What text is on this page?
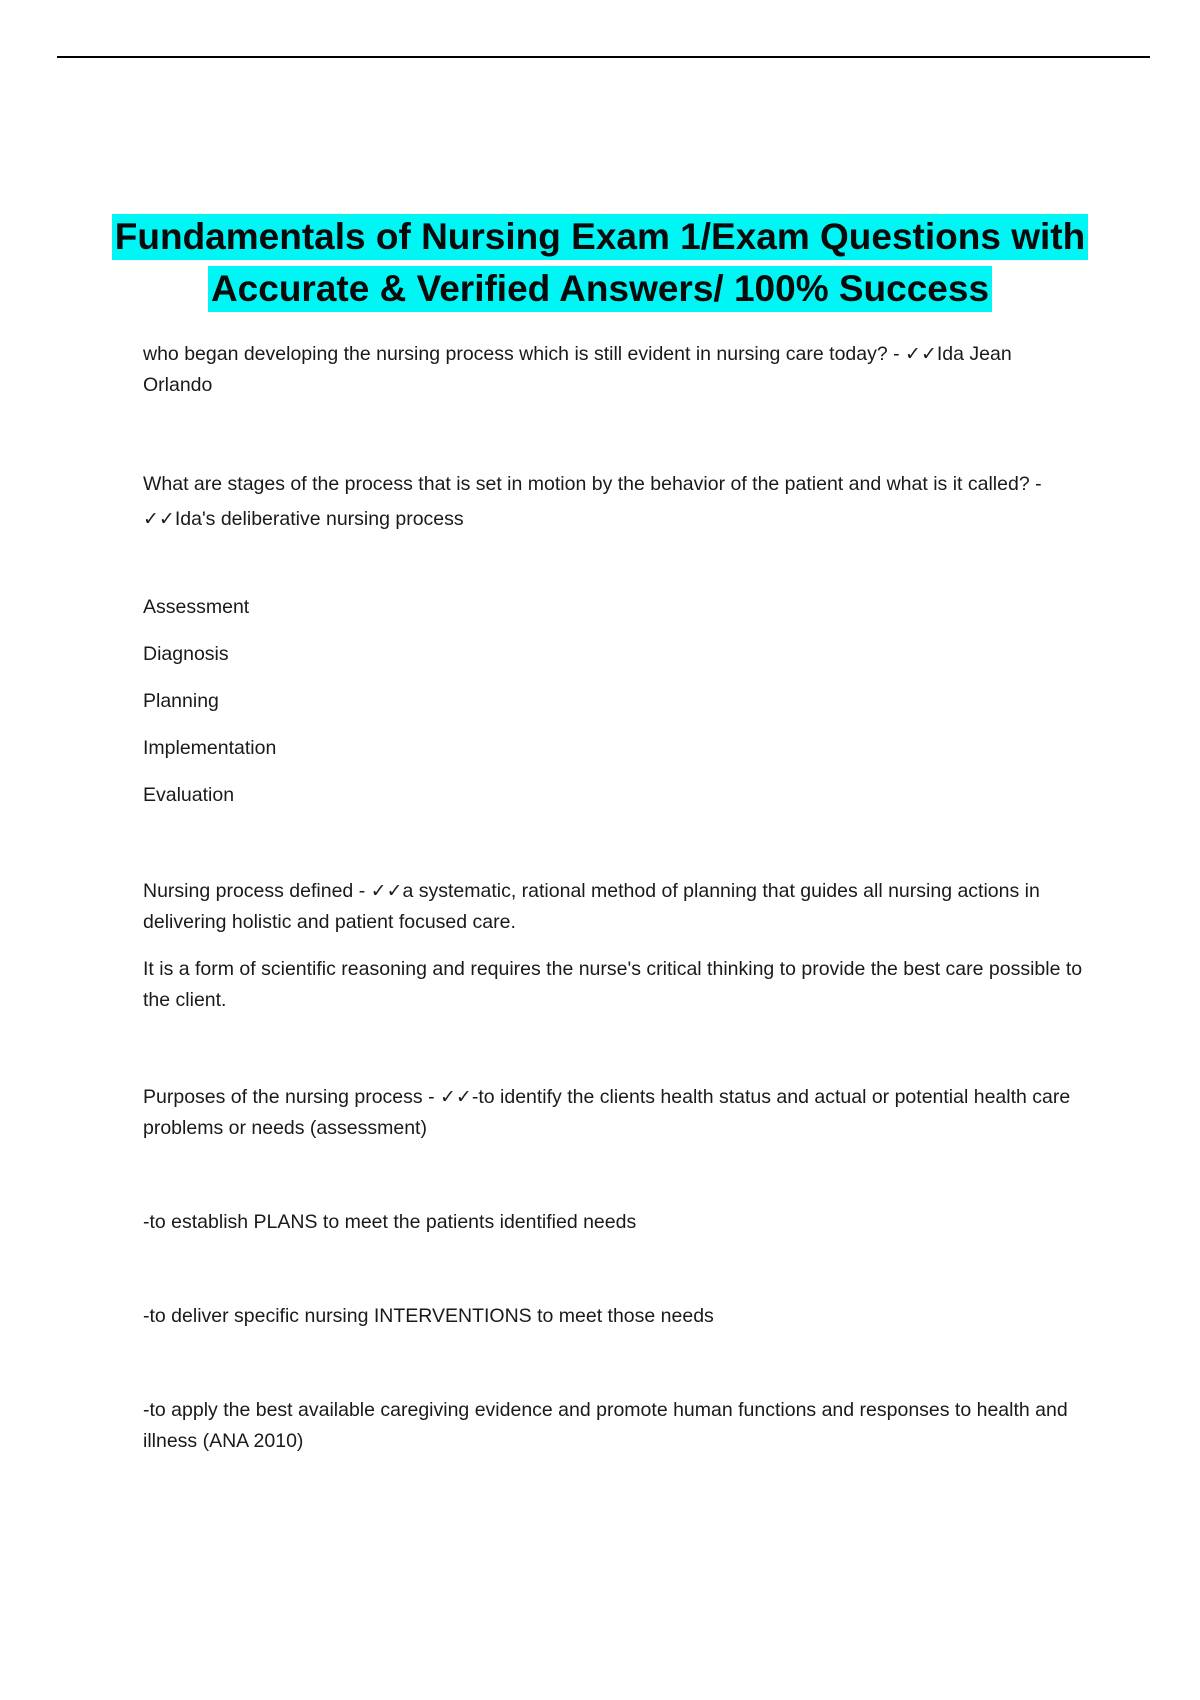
Fundamentals of Nursing Exam 1/Exam Questions with
Accurate & Verified Answers/ 100% Success

who began developing the nursing process which is still evident in nursing care today? - ✓✓Ida Jean Orlando

What are stages of the process that is set in motion by the behavior of the patient and what is it called? - ✓✓Ida's deliberative nursing process

Assessment

Diagnosis

Planning

Implementation

Evaluation

Nursing process defined - ✓✓a systematic, rational method of planning that guides all nursing actions in delivering holistic and patient focused care.

It is a form of scientific reasoning and requires the nurse's critical thinking to provide the best care possible to the client.

Purposes of the nursing process - ✓✓-to identify the clients health status and actual or potential health care problems or needs (assessment)

-to establish PLANS to meet the patients identified needs

-to deliver specific nursing INTERVENTIONS to meet those needs

-to apply the best available caregiving evidence and promote human functions and responses to health and illness (ANA 2010)
